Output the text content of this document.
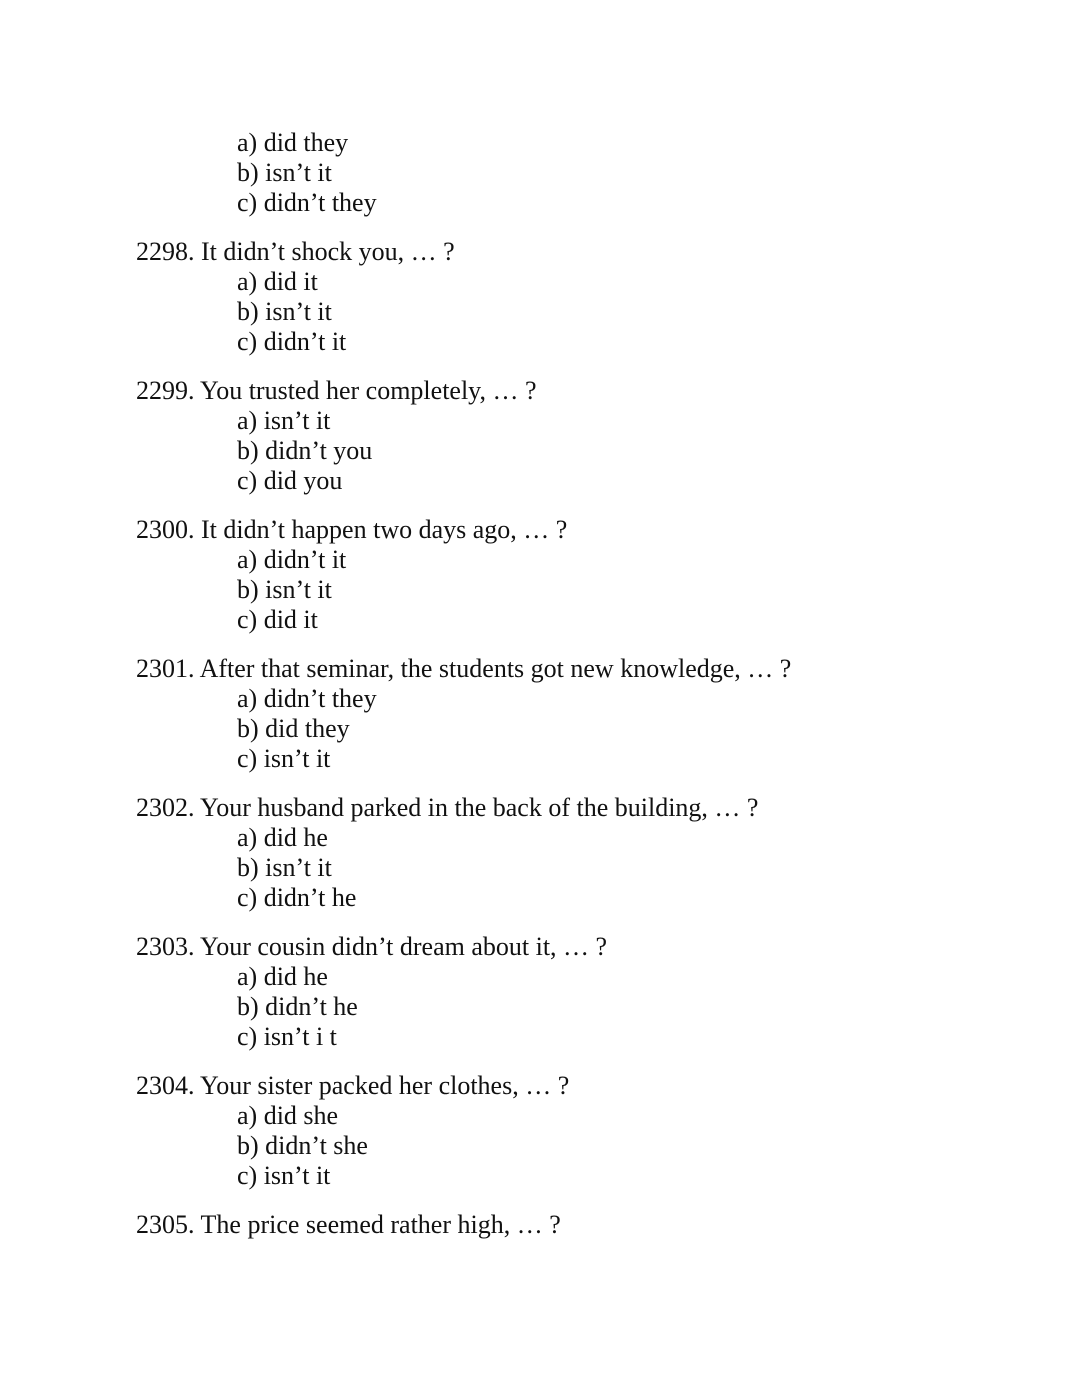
a) did they
b) isn’t it
c) didn’t they
2298. It didn’t shock you, … ?
a) did it
b) isn’t it
c) didn’t it
2299. You trusted her completely, … ?
a) isn’t it
b) didn’t you
c) did you
2300. It didn’t happen two days ago, … ?
a) didn’t it
b) isn’t it
c) did it
2301. After that seminar, the students got new knowledge, … ?
a) didn’t they
b) did they
c) isn’t it
2302. Your husband parked in the back of the building, … ?
a) did he
b) isn’t it
c) didn’t he
2303. Your cousin didn’t dream about it, … ?
a) did he
b) didn’t he
c) isn’t i t
2304. Your sister packed her clothes, … ?
a) did she
b) didn’t she
c) isn’t it
2305. The price seemed rather high, … ?
